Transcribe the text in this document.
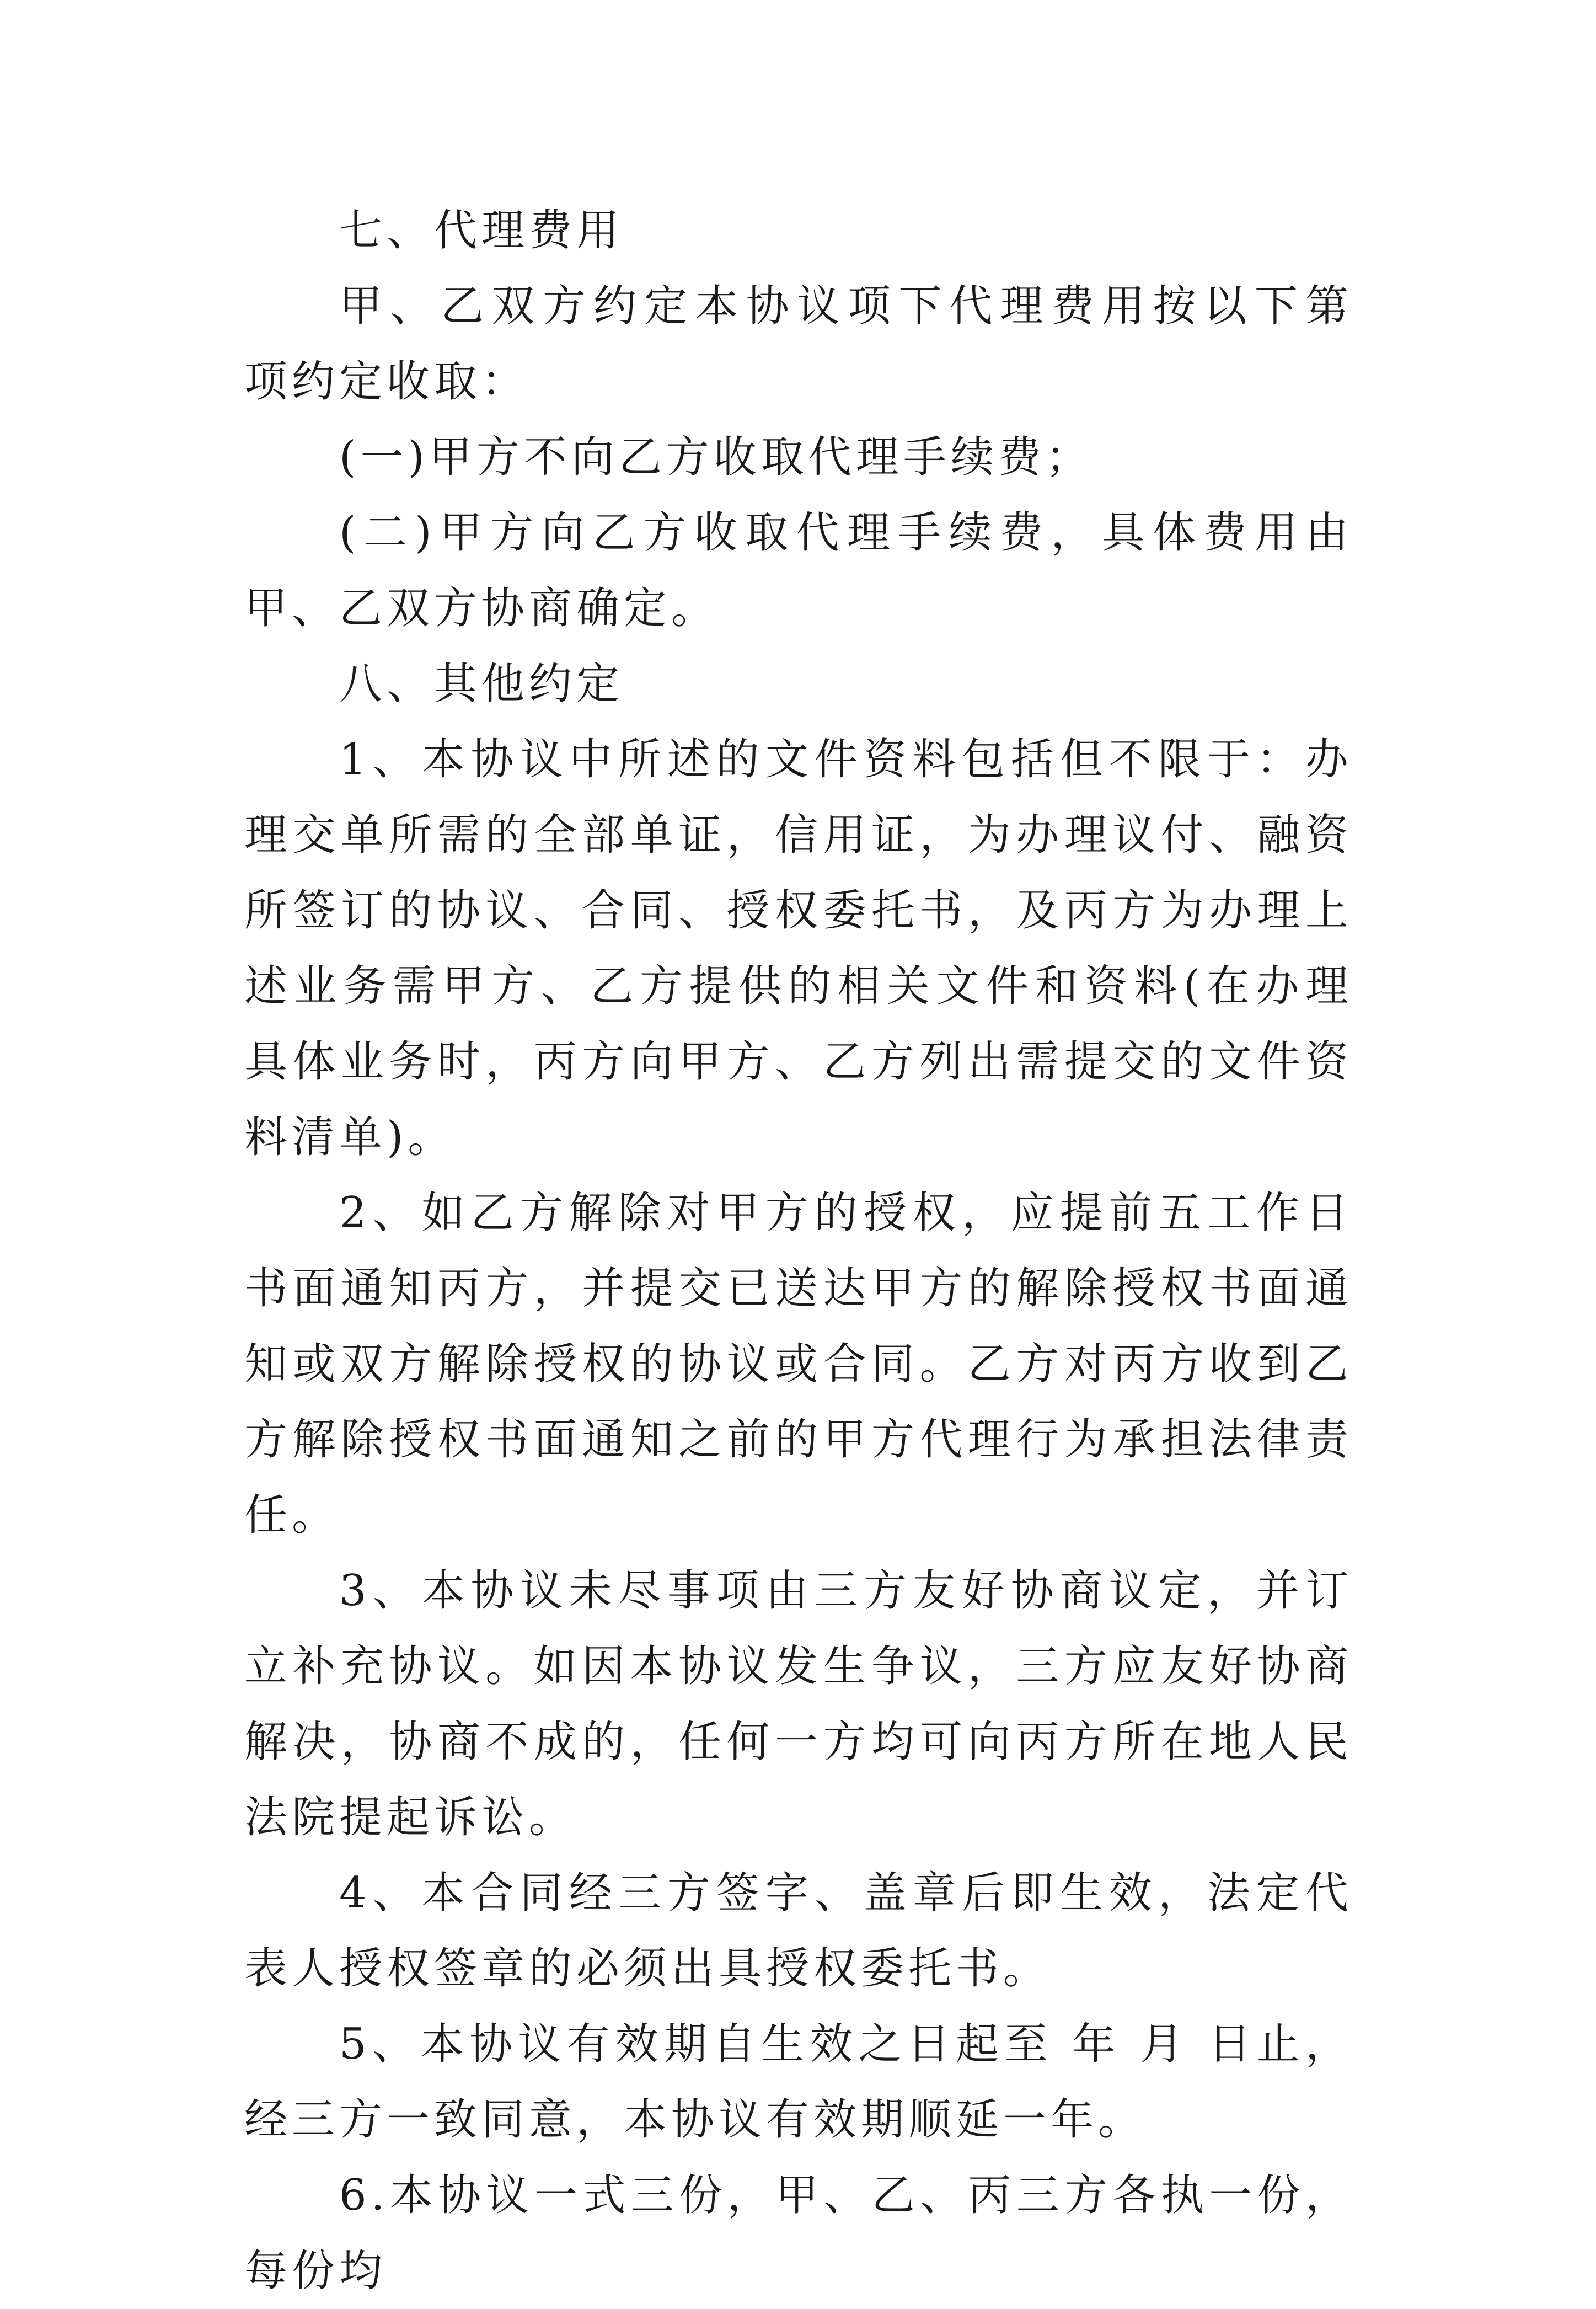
七、代理费用

甲、乙双方约定本协议项下代理费用按以下第 项约定收取：

(一)甲方不向乙方收取代理手续费；

(二)甲方向乙方收取代理手续费，具体费用由甲、乙双方协商确定。

八、其他约定

1、本协议中所述的文件资料包括但不限于：办理交单所需的全部单证，信用证，为办理议付、融资所签订的协议、合同、授权委托书，及丙方为办理上述业务需甲方、乙方提供的相关文件和资料(在办理具体业务时，丙方向甲方、乙方列出需提交的文件资料清单)。

2、如乙方解除对甲方的授权，应提前五工作日书面通知丙方，并提交已送达甲方的解除授权书面通知或双方解除授权的协议或合同。乙方对丙方收到乙方解除授权书面通知之前的甲方代理行为承担法律责任。

3、本协议未尽事项由三方友好协商议定，并订立补充协议。如因本协议发生争议，三方应友好协商解决，协商不成的，任何一方均可向丙方所在地人民法院提起诉讼。

4、本合同经三方签字、盖章后即生效，法定代表人授权签章的必须出具授权委托书。

5、本协议有效期自生效之日起至 年 月 日止，经三方一致同意，本协议有效期顺延一年。

6.本协议一式三份，甲、乙、丙三方各执一份，每份均
